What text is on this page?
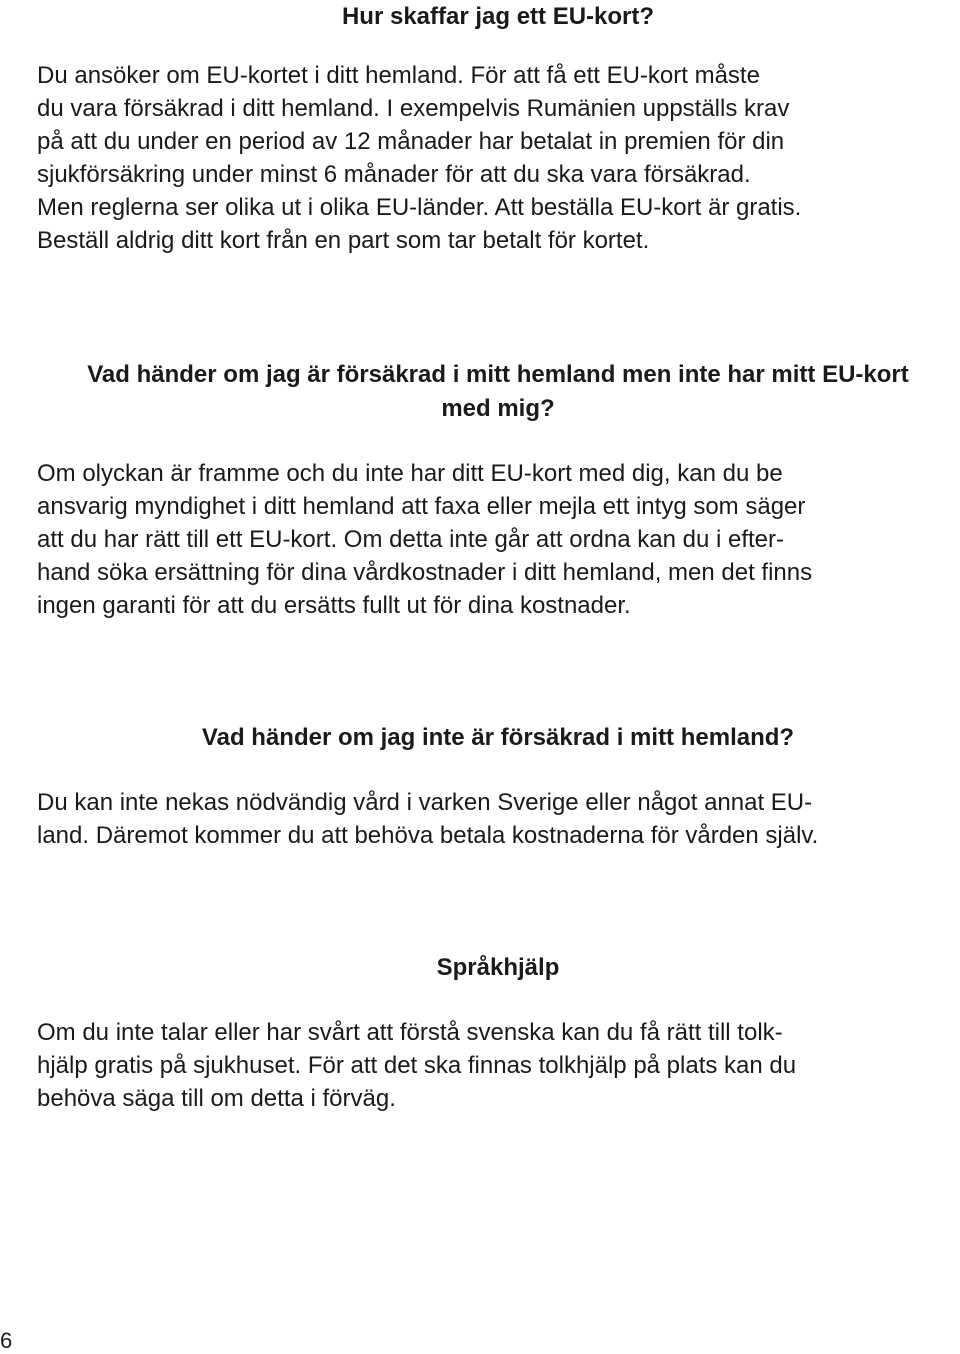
Hur skaffar jag ett EU-kort?

Du ansöker om EU-kortet i ditt hemland. För att få ett EU-kort måste
du vara försäkrad i ditt hemland. I exempelvis Rumänien uppställs krav
på att du under en period av 12 månader har betalat in premien för din
sjukförsäkring under minst 6 månader för att du ska vara försäkrad.
Men reglerna ser olika ut i olika EU-länder. Att beställa EU-kort är gratis.
Beställ aldrig ditt kort från en part som tar betalt för kortet.

Vad händer om jag är försäkrad i mitt hemland men inte har mitt EU-kort
med mig?

Om olyckan är framme och du inte har ditt EU-kort med dig, kan du be
ansvarig myndighet i ditt hemland att faxa eller mejla ett intyg som säger
att du har rätt till ett EU-kort. Om detta inte går att ordna kan du i efter-
hand söka ersättning för dina vårdkostnader i ditt hemland, men det finns
ingen garanti för att du ersätts fullt ut för dina kostnader.

Vad händer om jag inte är försäkrad i mitt hemland?

Du kan inte nekas nödvändig vård i varken Sverige eller något annat EU-
land. Däremot kommer du att behöva betala kostnaderna för vården själv.

Språkhjälp

Om du inte talar eller har svårt att förstå svenska kan du få rätt till tolk-
hjälp gratis på sjukhuset. För att det ska finnas tolkhjälp på plats kan du
behöva säga till om detta i förväg.

6
